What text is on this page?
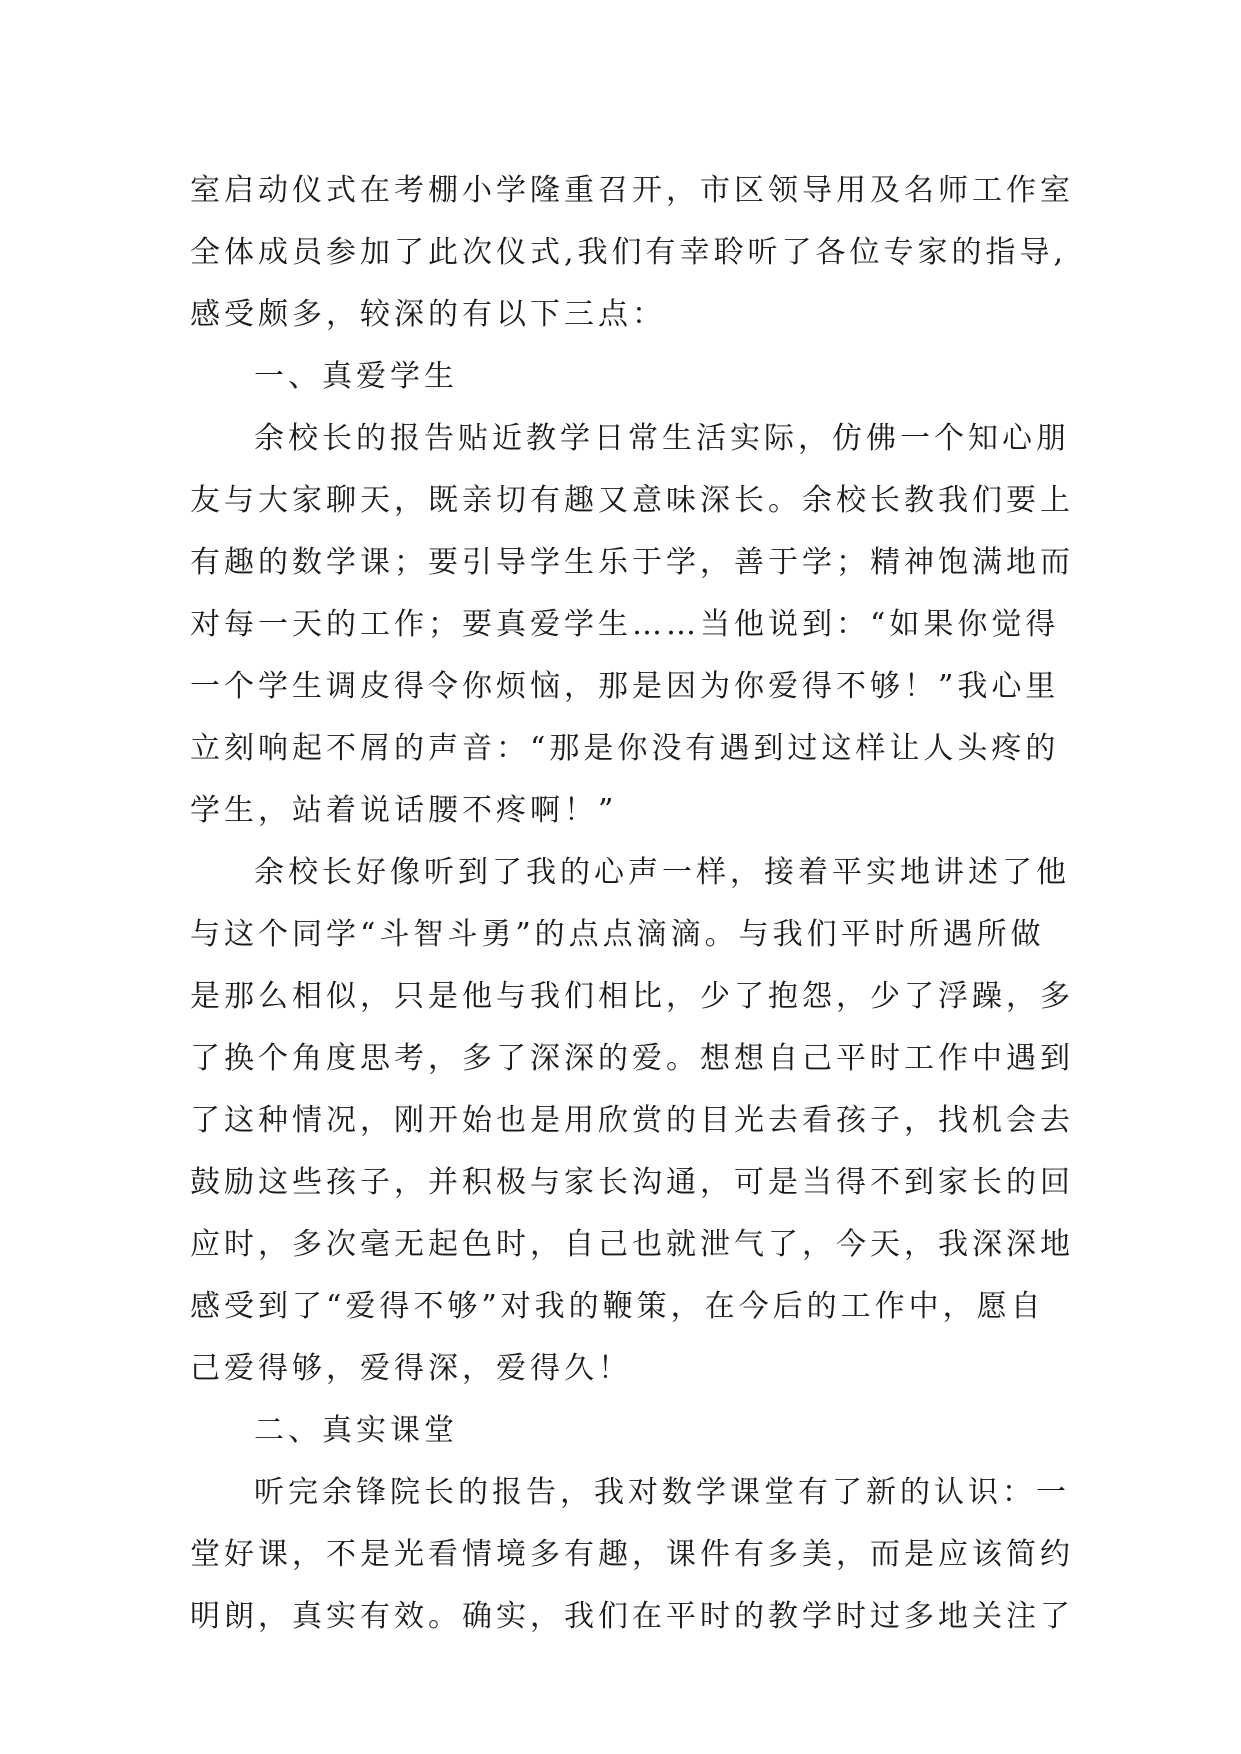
室启动仪式在考棚小学隆重召开，市区领导用及名师工作室
全体成员参加了此次仪式,我们有幸聆听了各位专家的指导,
感受颇多，较深的有以下三点：
一、真爱学生
余校长的报告贴近教学日常生活实际，仿佛一个知心朋
友与大家聊天，既亲切有趣又意味深长。余校长教我们要上
有趣的数学课；要引导学生乐于学，善于学；精神饱满地而
对每一天的工作；要真爱学生……当他说到：“如果你觉得
一个学生调皮得令你烦恼，那是因为你爱得不够！”我心里
立刻响起不屑的声音：“那是你没有遇到过这样让人头疼的
学生，站着说话腰不疼啊！”
余校长好像听到了我的心声一样，接着平实地讲述了他
与这个同学“斗智斗勇”的点点滴滴。与我们平时所遇所做
是那么相似，只是他与我们相比，少了抱怨，少了浮躁，多
了换个角度思考，多了深深的爱。想想自己平时工作中遇到
了这种情况，刚开始也是用欣赏的目光去看孩子，找机会去
鼓励这些孩子，并积极与家长沟通，可是当得不到家长的回
应时，多次毫无起色时，自己也就泄气了，今天，我深深地
感受到了“爱得不够”对我的鞭策，在今后的工作中，愿自
己爱得够，爱得深，爱得久！
二、真实课堂
听完余锋院长的报告，我对数学课堂有了新的认识：一
堂好课，不是光看情境多有趣，课件有多美，而是应该简约
明朗，真实有效。确实，我们在平时的教学时过多地关注了
